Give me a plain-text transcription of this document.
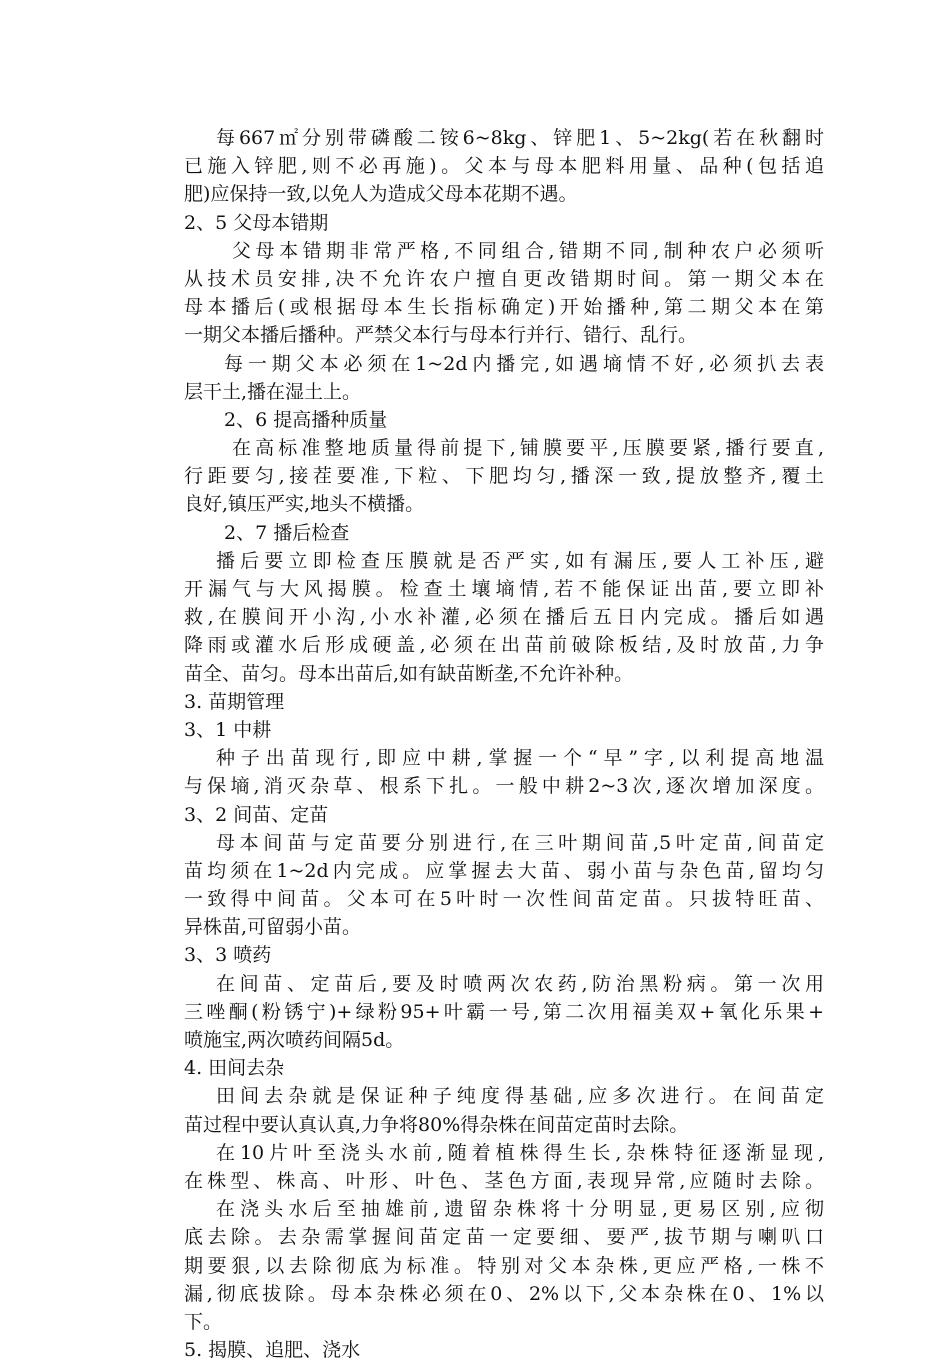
每667㎡分别带磷酸二铵6~8kg、锌肥1、5~2kg(若在秋翻时
已施入锌肥,则不必再施)。父本与母本肥料用量、品种(包括追
肥)应保持一致,以免人为造成父母本花期不遇。
2、5 父母本错期
父母本错期非常严格,不同组合,错期不同,制种农户必须听
从技术员安排,决不允许农户擅自更改错期时间。第一期父本在
母本播后(或根据母本生长指标确定)开始播种,第二期父本在第
一期父本播后播种。严禁父本行与母本行并行、错行、乱行。
每一期父本必须在1~2d内播完,如遇墒情不好,必须扒去表
层干土,播在湿土上。
2、6 提高播种质量
在高标准整地质量得前提下,铺膜要平,压膜要紧,播行要直,
行距要匀,接茬要准,下粒、下肥均匀,播深一致,提放整齐,覆土
良好,镇压严实,地头不横播。
2、7 播后检查
播后要立即检查压膜就是否严实,如有漏压,要人工补压,避
开漏气与大风揭膜。检查土壤墒情,若不能保证出苗,要立即补
救,在膜间开小沟,小水补灌,必须在播后五日内完成。播后如遇
降雨或灌水后形成硬盖,必须在出苗前破除板结,及时放苗,力争
苗全、苗匀。母本出苗后,如有缺苗断垄,不允许补种。
3. 苗期管理
3、1 中耕
种子出苗现行,即应中耕,掌握一个“早”字,以利提高地温
与保墒,消灭杂草、根系下扎。一般中耕2~3次,逐次增加深度。
3、2 间苗、定苗
母本间苗与定苗要分别进行,在三叶期间苗,5叶定苗,间苗定
苗均须在1~2d内完成。应掌握去大苗、弱小苗与杂色苗,留均匀
一致得中间苗。父本可在5叶时一次性间苗定苗。只拔特旺苗、
异株苗,可留弱小苗。
3、3 喷药
在间苗、定苗后,要及时喷两次农药,防治黑粉病。第一次用
三唑酮(粉锈宁)+绿粉95+叶霸一号,第二次用福美双+氧化乐果+
喷施宝,两次喷药间隔5d。
4. 田间去杂
田间去杂就是保证种子纯度得基础,应多次进行。在间苗定
苗过程中要认真认真,力争将80%得杂株在间苗定苗时去除。
在10片叶至浇头水前,随着植株得生长,杂株特征逐渐显现,
在株型、株高、叶形、叶色、茎色方面,表现异常,应随时去除。
在浇头水后至抽雄前,遗留杂株将十分明显,更易区别,应彻
底去除。去杂需掌握间苗定苗一定要细、要严,拔节期与喇叭口
期要狠,以去除彻底为标准。特别对父本杂株,更应严格,一株不
漏,彻底拔除。母本杂株必须在0、2%以下,父本杂株在0、1%以
下。
5. 揭膜、追肥、浇水
